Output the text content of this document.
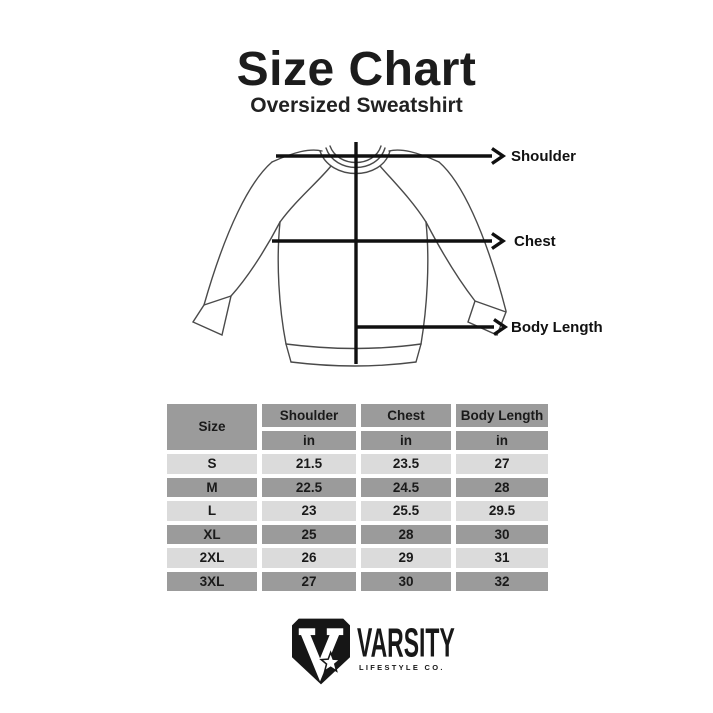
Size Chart
Oversized Sweatshirt
Shoulder
Chest
Body Length
Size
Shoulder	Chest	Body Length
in	in	in
S	21.5	23.5	27
M	22.5	24.5	28
L	23	25.5	29.5
XL	25	28	30
2XL	26	29	31
3XL	27	30	32
VARSITY
LIFESTYLE CO.
